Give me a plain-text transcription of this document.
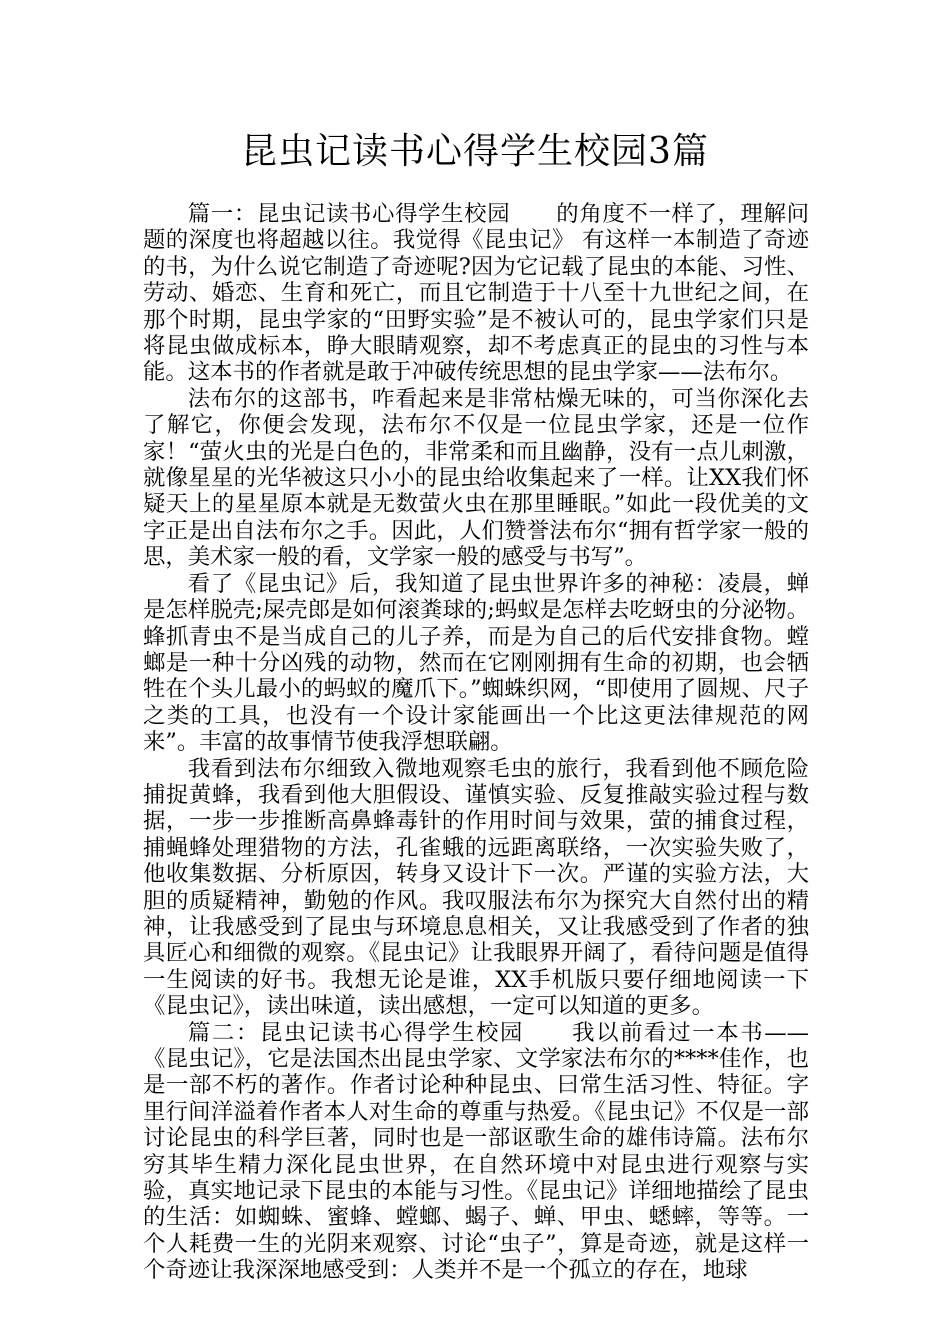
昆虫记读书心得学生校园3篇

篇一：昆虫记读书心得学生校园　　的角度不一样了，理解问题的深度也将超越以往。我觉得《昆虫记》 有这样一本制造了奇迹的书，为什么说它制造了奇迹呢?因为它记载了昆虫的本能、习性、劳动、婚恋、生育和死亡，而且它制造于十八至十九世纪之间，在那个时期，昆虫学家的“田野实验”是不被认可的，昆虫学家们只是将昆虫做成标本，睁大眼睛观察，却不考虑真正的昆虫的习性与本能。这本书的作者就是敢于冲破传统思想的昆虫学家——法布尔。

法布尔的这部书，咋看起来是非常枯燥无味的，可当你深化去了解它，你便会发现，法布尔不仅是一位昆虫学家，还是一位作家！“萤火虫的光是白色的，非常柔和而且幽静，没有一点儿刺激，就像星星的光华被这只小小的昆虫给收集起来了一样。让XX我们怀疑天上的星星原本就是无数萤火虫在那里睡眠。”如此一段优美的文字正是出自法布尔之手。因此，人们赞誉法布尔“拥有哲学家一般的思，美术家一般的看，文学家一般的感受与书写”。

看了《昆虫记》后，我知道了昆虫世界许多的神秘：凌晨，蝉是怎样脱壳;屎壳郎是如何滚粪球的;蚂蚁是怎样去吃蚜虫的分泌物。蜂抓青虫不是当成自己的儿子养，而是为自己的后代安排食物。螳螂是一种十分凶残的动物，然而在它刚刚拥有生命的初期，也会牺牲在个头儿最小的蚂蚁的魔爪下。”蜘蛛织网，“即使用了圆规、尺子之类的工具，也没有一个设计家能画出一个比这更法律规范的网来”。丰富的故事情节使我浮想联翩。

我看到法布尔细致入微地观察毛虫的旅行，我看到他不顾危险捕捉黄蜂，我看到他大胆假设、谨慎实验、反复推敲实验过程与数据，一步一步推断高鼻蜂毒针的作用时间与效果，萤的捕食过程，捕蝇蜂处理猎物的方法，孔雀蛾的远距离联络，一次实验失败了，他收集数据、分析原因，转身又设计下一次。严谨的实验方法，大胆的质疑精神，勤勉的作风。我叹服法布尔为探究大自然付出的精神，让我感受到了昆虫与环境息息相关，又让我感受到了作者的独具匠心和细微的观察。《昆虫记》让我眼界开阔了，看待问题是值得一生阅读的好书。我想无论是谁，XX手机版只要仔细地阅读一下《昆虫记》，读出味道，读出感想，一定可以知道的更多。

篇二：昆虫记读书心得学生校园　　我以前看过一本书——《昆虫记》，它是法国杰出昆虫学家、文学家法布尔的****佳作，也是一部不朽的著作。作者讨论种种昆虫、曰常生活习性、特征。字里行间洋溢着作者本人对生命的尊重与热爱。《昆虫记》不仅是一部讨论昆虫的科学巨著，同时也是一部讴歌生命的雄伟诗篇。法布尔穷其毕生精力深化昆虫世界，在自然环境中对昆虫进行观察与实验，真实地记录下昆虫的本能与习性。《昆虫记》详细地描绘了昆虫的生活：如蜘蛛、蜜蜂、螳螂、蝎子、蝉、甲虫、蟋蟀，等等。一个人耗费一生的光阴来观察、讨论“虫子”，算是奇迹，就是这样一个奇迹让我深深地感受到：人类并不是一个孤立的存在，地球
